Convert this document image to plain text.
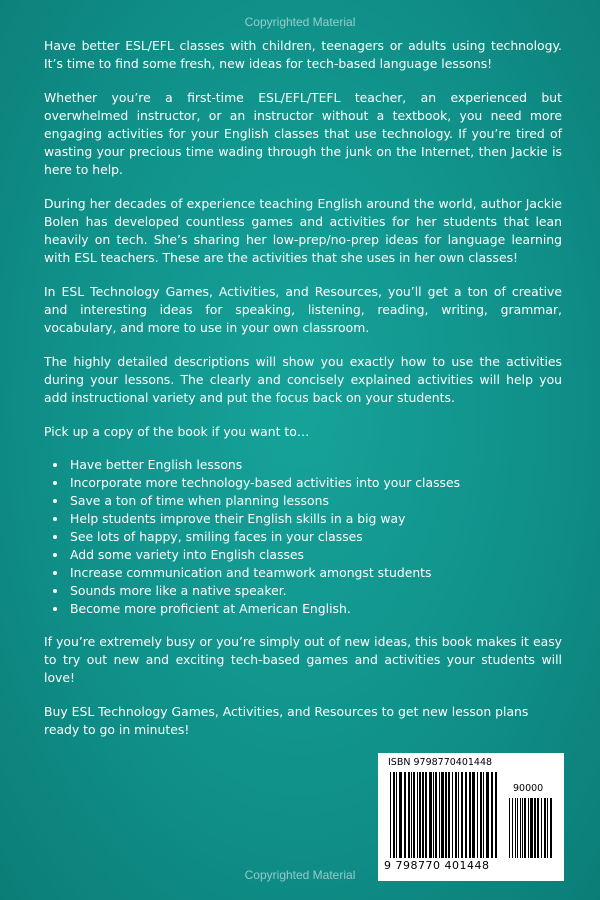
Copyrighted Material

Have better ESL/EFL classes with children, teenagers or adults using technology. It’s time to find some fresh, new ideas for tech-based language lessons!

Whether you’re a first-time ESL/EFL/TEFL teacher, an experienced but overwhelmed instructor, or an instructor without a textbook, you need more engaging activities for your English classes that use technology. If you’re tired of wasting your precious time wading through the junk on the Internet, then Jackie is here to help.

During her decades of experience teaching English around the world, author Jackie Bolen has developed countless games and activities for her students that lean heavily on tech. She’s sharing her low-prep/no-prep ideas for language learning with ESL teachers. These are the activities that she uses in her own classes!

In ESL Technology Games, Activities, and Resources, you’ll get a ton of creative and interesting ideas for speaking, listening, reading, writing, grammar, vocabulary, and more to use in your own classroom.

The highly detailed descriptions will show you exactly how to use the activities during your lessons. The clearly and concisely explained activities will help you add instructional variety and put the focus back on your students.

Pick up a copy of the book if you want to…

• Have better English lessons
• Incorporate more technology-based activities into your classes
• Save a ton of time when planning lessons
• Help students improve their English skills in a big way
• See lots of happy, smiling faces in your classes
• Add some variety into English classes
• Increase communication and teamwork amongst students
• Sounds more like a native speaker.
• Become more proficient at American English.

If you’re extremely busy or you’re simply out of new ideas, this book makes it easy to try out new and exciting tech-based games and activities your students will love!

Buy ESL Technology Games, Activities, and Resources to get new lesson plans ready to go in minutes!

ISBN 9798770401448
90000
9 798770 401448
Copyrighted Material
